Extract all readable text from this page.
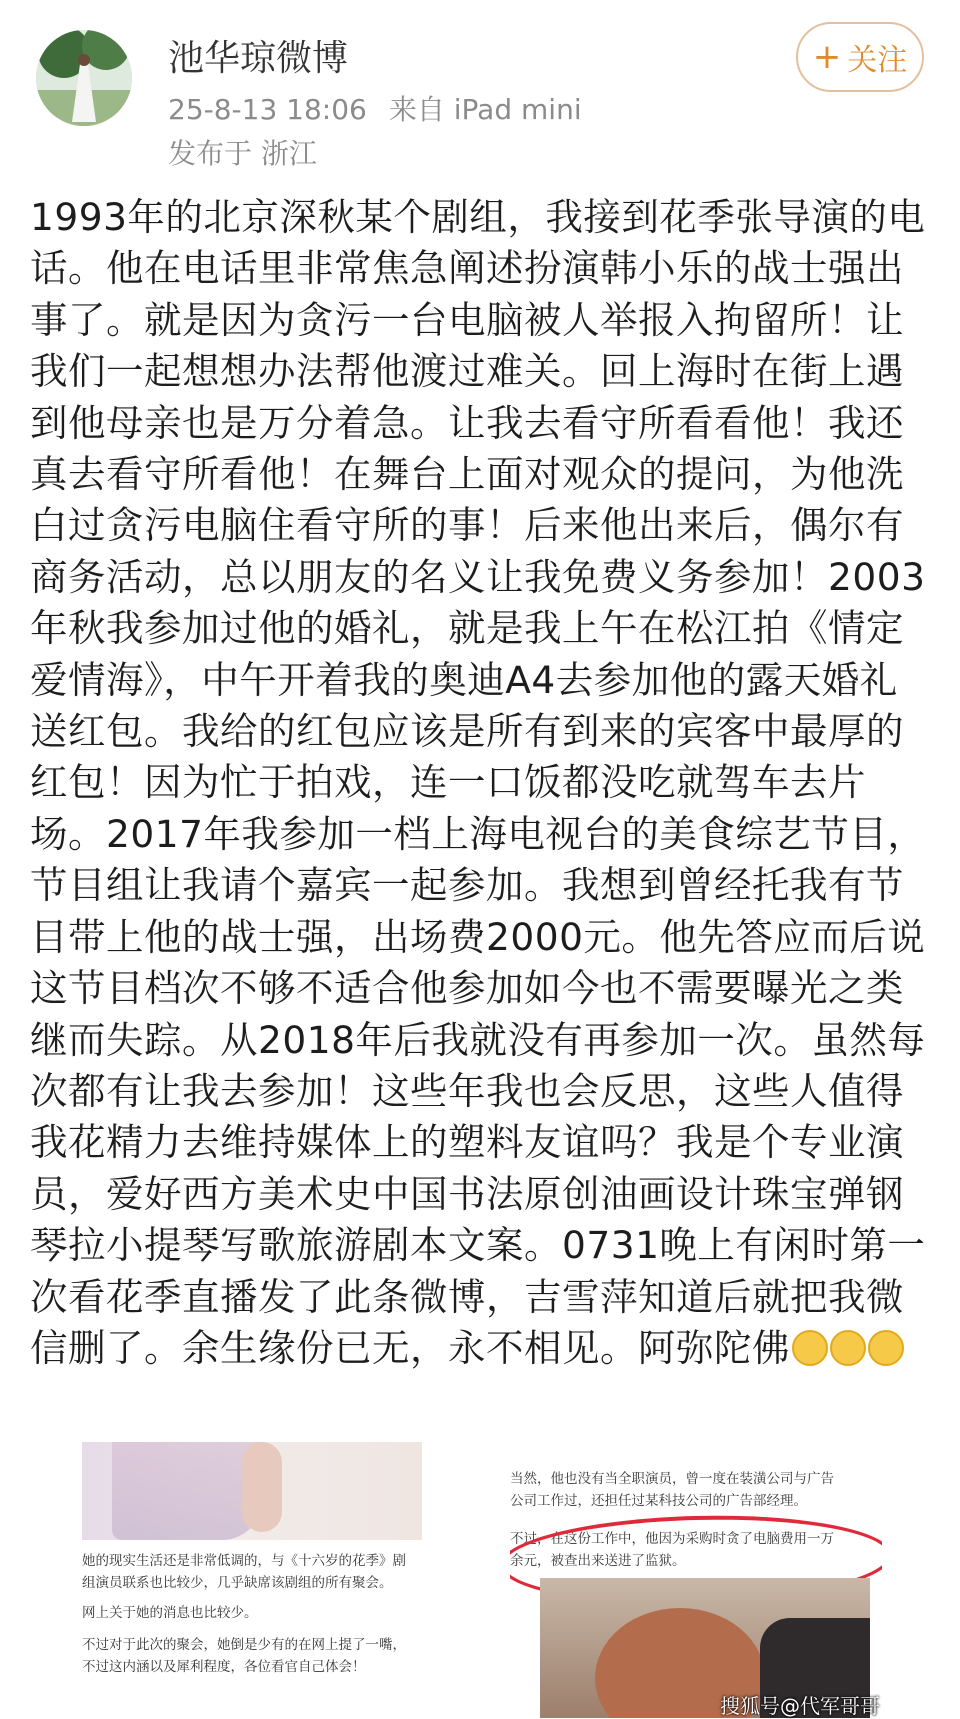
池华琼微博
25-8-13 18:06 来自 iPad mini
发布于 浙江
+ 关注

1993年的北京深秋某个剧组，我接到花季张导演的电话。他在电话里非常焦急阐述扮演韩小乐的战士强出事了。就是因为贪污一台电脑被人举报入拘留所！让我们一起想想办法帮他渡过难关。回上海时在街上遇到他母亲也是万分着急。让我去看守所看看他！我还真去看守所看他！在舞台上面对观众的提问，为他洗白过贪污电脑住看守所的事！后来他出来后，偶尔有商务活动，总以朋友的名义让我免费义务参加！2003年秋我参加过他的婚礼，就是我上午在松江拍《情定爱情海》，中午开着我的奥迪A4去参加他的露天婚礼送红包。我给的红包应该是所有到来的宾客中最厚的红包！因为忙于拍戏，连一口饭都没吃就驾车去片场。2017年我参加一档上海电视台的美食综艺节目，节目组让我请个嘉宾一起参加。我想到曾经托我有节目带上他的战士强，出场费2000元。他先答应而后说这节目档次不够不适合他参加如今也不需要曝光之类继而失踪。从2018年后我就没有再参加一次。虽然每次都有让我去参加！这些年我也会反思，这些人值得我花精力去维持媒体上的塑料友谊吗？我是个专业演员，爱好西方美术史中国书法原创油画设计珠宝弹钢琴拉小提琴写歌旅游剧本文案。0731晚上有闲时第一次看花季直播发了此条微博，吉雪萍知道后就把我微信删了。余生缘份已无，永不相见。阿弥陀佛

她的现实生活还是非常低调的，与《十六岁的花季》剧
组演员联系也比较少，几乎缺席该剧组的所有聚会。
网上关于她的消息也比较少。
不过对于此次的聚会，她倒是少有的在网上提了一嘴，
不过这内涵以及犀利程度，各位看官自己体会！
当然，他也没有当全职演员，曾一度在装潢公司与广告
公司工作过，还担任过某科技公司的广告部经理。
不过，在这份工作中，他因为采购时贪了电脑费用一万
余元，被查出来送进了监狱。
搜狐号@代军哥哥
